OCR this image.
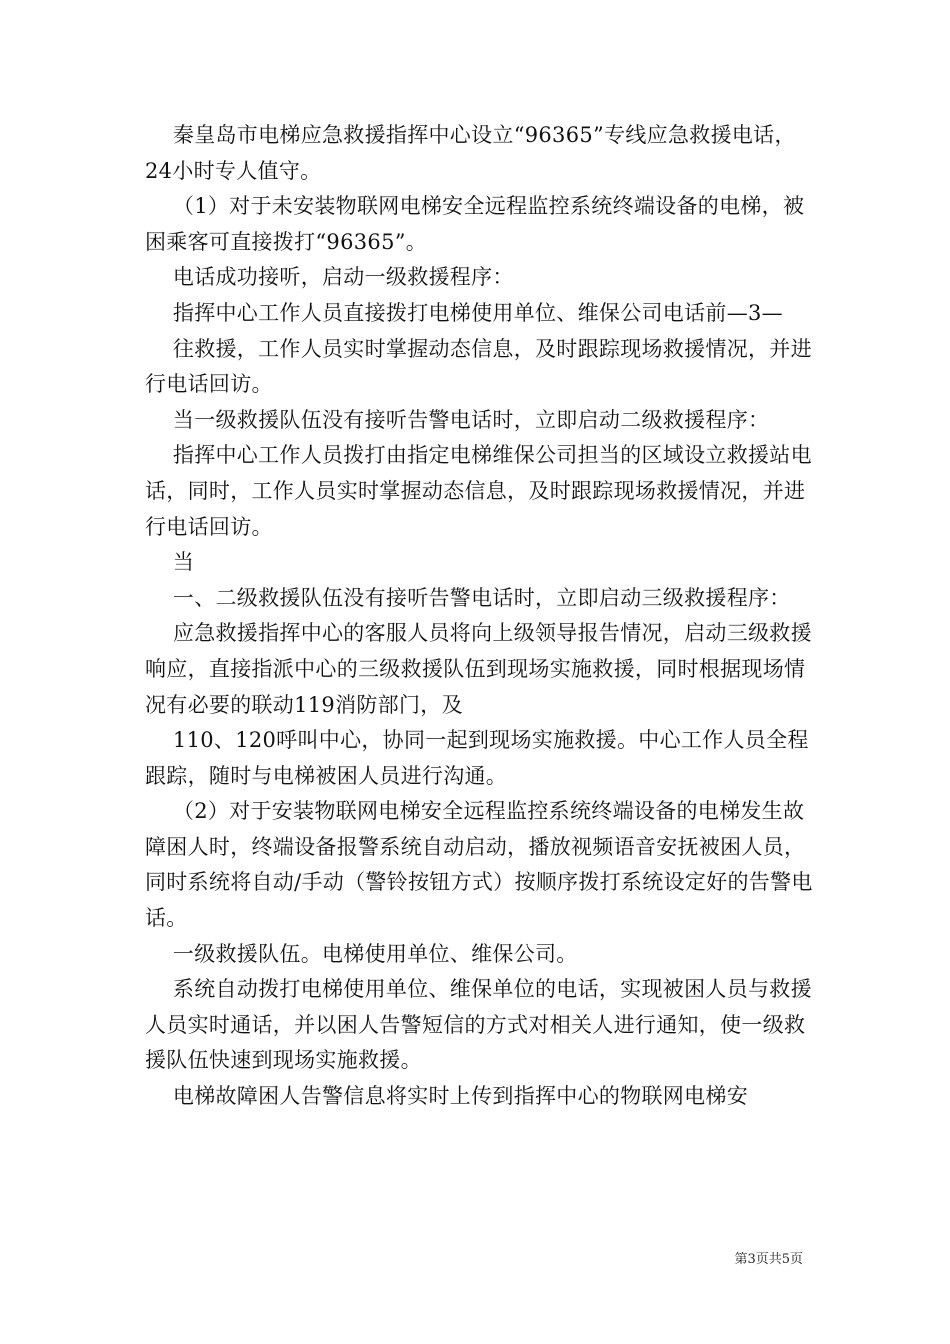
秦皇岛市电梯应急救援指挥中心设立“96365”专线应急救援电话，24小时专人值守。

（1）对于未安装物联网电梯安全远程监控系统终端设备的电梯，被困乘客可直接拨打“96365”。

电话成功接听，启动一级救援程序：

指挥中心工作人员直接拨打电梯使用单位、维保公司电话前—3—

往救援，工作人员实时掌握动态信息，及时跟踪现场救援情况，并进行电话回访。

当一级救援队伍没有接听告警电话时，立即启动二级救援程序：

指挥中心工作人员拨打由指定电梯维保公司担当的区域设立救援站电话，同时，工作人员实时掌握动态信息，及时跟踪现场救援情况，并进行电话回访。

当

一、二级救援队伍没有接听告警电话时，立即启动三级救援程序：

应急救援指挥中心的客服人员将向上级领导报告情况，启动三级救援响应，直接指派中心的三级救援队伍到现场实施救援，同时根据现场情况有必要的联动119消防部门，及

110、120呼叫中心，协同一起到现场实施救援。中心工作人员全程跟踪，随时与电梯被困人员进行沟通。

（2）对于安装物联网电梯安全远程监控系统终端设备的电梯发生故障困人时，终端设备报警系统自动启动，播放视频语音安抚被困人员，同时系统将自动/手动（警铃按钮方式）按顺序拨打系统设定好的告警电话。

一级救援队伍。电梯使用单位、维保公司。

系统自动拨打电梯使用单位、维保单位的电话，实现被困人员与救援人员实时通话，并以困人告警短信的方式对相关人进行通知，使一级救援队伍快速到现场实施救援。

电梯故障困人告警信息将实时上传到指挥中心的物联网电梯安

第3页共5页
